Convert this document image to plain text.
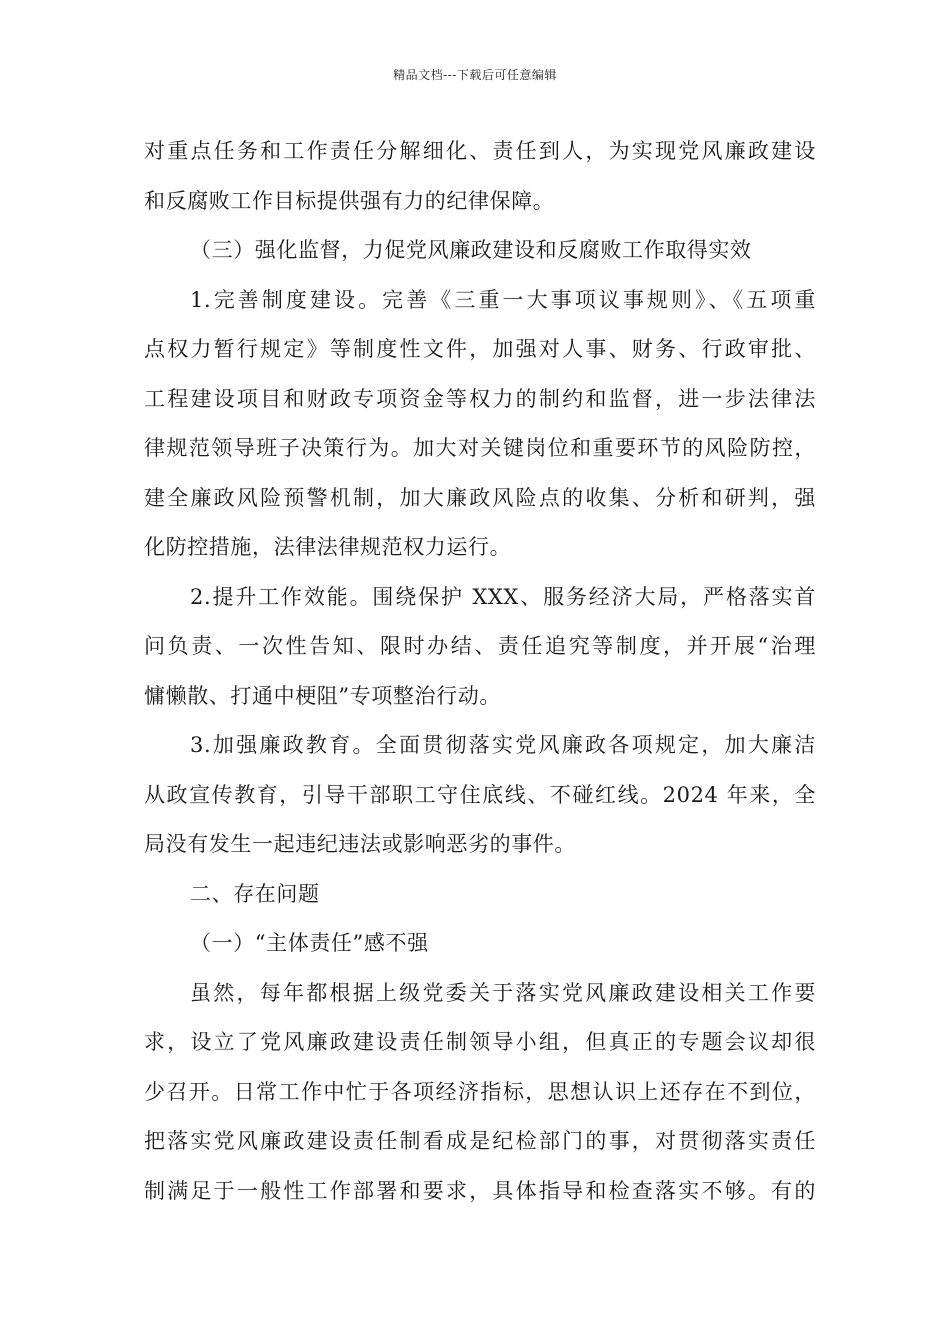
精品文档---下载后可任意编辑
对重点任务和工作责任分解细化、责任到人，为实现党风廉政建设
和反腐败工作目标提供强有力的纪律保障。
（三）强化监督，力促党风廉政建设和反腐败工作取得实效
1.完善制度建设。完善《三重一大事项议事规则》、《五项重
点权力暂行规定》等制度性文件，加强对人事、财务、行政审批、
工程建设项目和财政专项资金等权力的制约和监督，进一步法律法
律规范领导班子决策行为。加大对关键岗位和重要环节的风险防控，
建全廉政风险预警机制，加大廉政风险点的收集、分析和研判，强
化防控措施，法律法律规范权力运行。
2.提升工作效能。围绕保护 XXX、服务经济大局，严格落实首
问负责、一次性告知、限时办结、责任追究等制度，并开展“治理
慵懒散、打通中梗阻”专项整治行动。
3.加强廉政教育。全面贯彻落实党风廉政各项规定，加大廉洁
从政宣传教育，引导干部职工守住底线、不碰红线。2024 年来，全
局没有发生一起违纪违法或影响恶劣的事件。
二、存在问题
（一）“主体责任”感不强
虽然，每年都根据上级党委关于落实党风廉政建设相关工作要
求，设立了党风廉政建设责任制领导小组，但真正的专题会议却很
少召开。日常工作中忙于各项经济指标，思想认识上还存在不到位，
把落实党风廉政建设责任制看成是纪检部门的事，对贯彻落实责任
制满足于一般性工作部署和要求，具体指导和检查落实不够。有的
